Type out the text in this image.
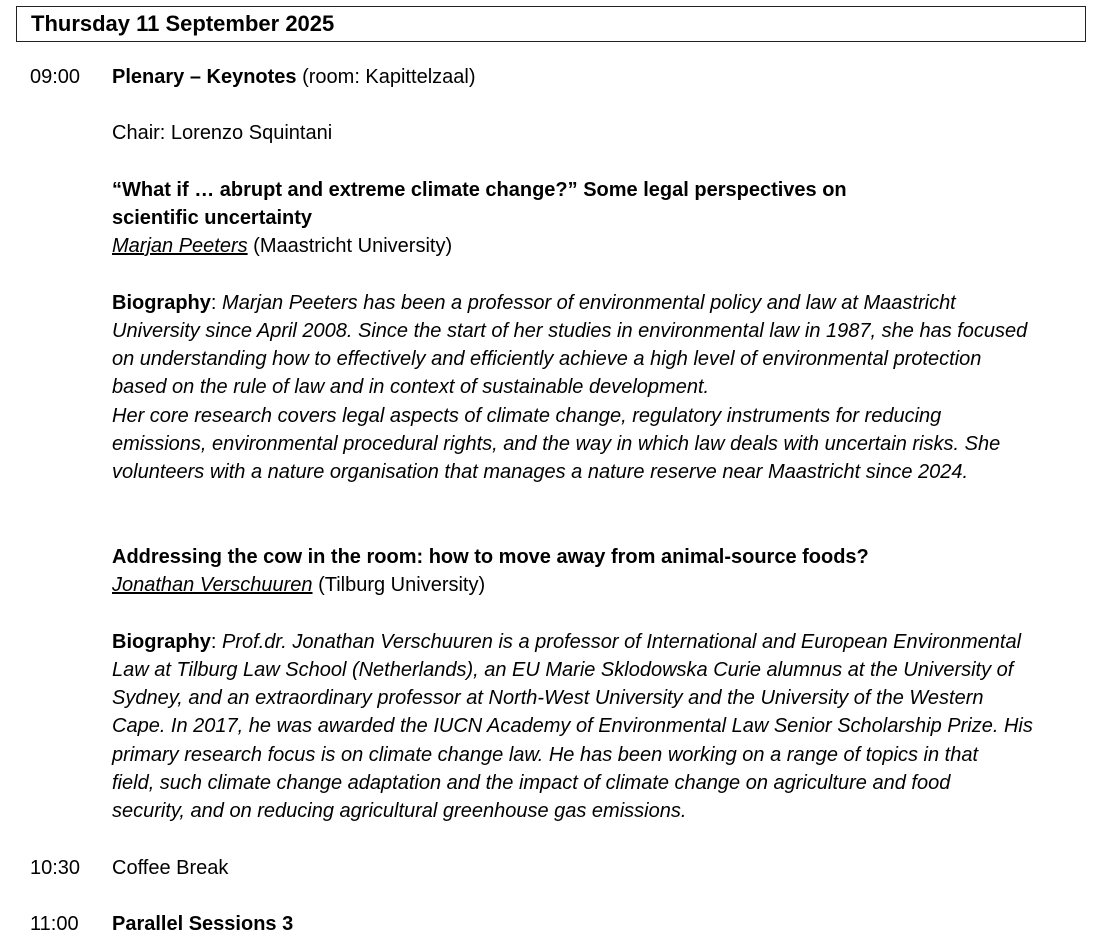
Thursday 11 September 2025
09:00 Plenary – Keynotes (room: Kapittelzaal)
Chair: Lorenzo Squintani
“What if … abrupt and extreme climate change?” Some legal perspectives on
scientific uncertainty
Marjan Peeters (Maastricht University)
Biography: Marjan Peeters has been a professor of environmental policy and law at Maastricht
University since April 2008. Since the start of her studies in environmental law in 1987, she has focused
on understanding how to effectively and efficiently achieve a high level of environmental protection
based on the rule of law and in context of sustainable development.
Her core research covers legal aspects of climate change, regulatory instruments for reducing
emissions, environmental procedural rights, and the way in which law deals with uncertain risks. She
volunteers with a nature organisation that manages a nature reserve near Maastricht since 2024.
Addressing the cow in the room: how to move away from animal-source foods?
Jonathan Verschuuren (Tilburg University)
Biography: Prof.dr. Jonathan Verschuuren is a professor of International and European Environmental
Law at Tilburg Law School (Netherlands), an EU Marie Sklodowska Curie alumnus at the University of
Sydney, and an extraordinary professor at North-West University and the University of the Western
Cape. In 2017, he was awarded the IUCN Academy of Environmental Law Senior Scholarship Prize. His
primary research focus is on climate change law. He has been working on a range of topics in that
field, such climate change adaptation and the impact of climate change on agriculture and food
security, and on reducing agricultural greenhouse gas emissions.
10:30 Coffee Break
11:00 Parallel Sessions 3
